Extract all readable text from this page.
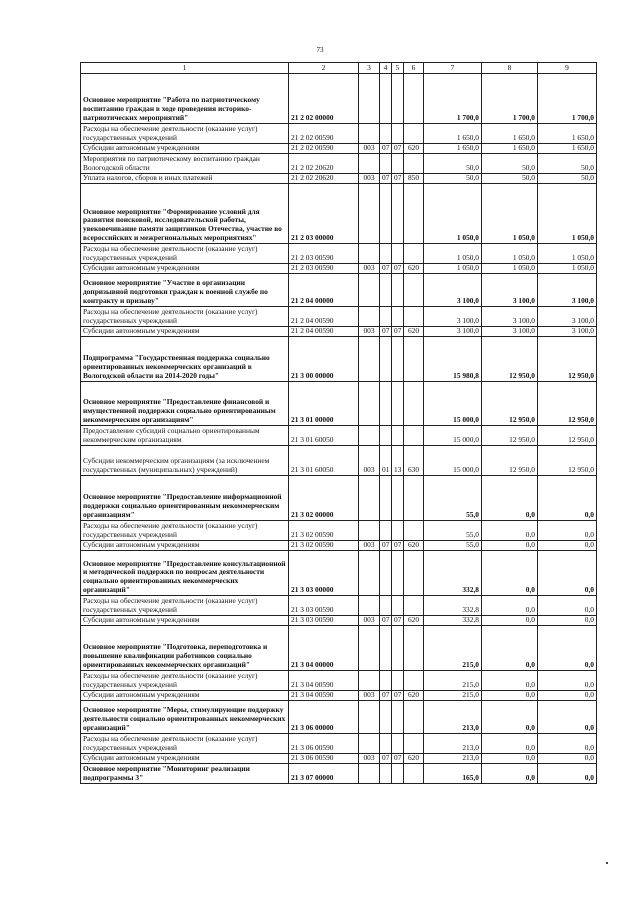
73
1	2	3	4	5	6	7	8	9
Основное мероприятие "Работа по патриотическому воспитанию граждан в ходе проведения историко-патриотических мероприятий"	21 2 02 00000					1 700,0	1 700,0	1 700,0
Расходы на обеспечение деятельности (оказание услуг) государственных учреждений	21 2 02 00590					1 650,0	1 650,0	1 650,0
Субсидии автономным учреждениям	21 2 02 00590	003	07	07	620	1 650,0	1 650,0	1 650,0
Мероприятия по патриотическому воспитанию граждан Вологодской области	21 2 02 20620					50,0	50,0	50,0
Уплата налогов, сборов и иных платежей	21 2 02 20620	003	07	07	850	50,0	50,0	50,0
Основное мероприятие "Формирование условий для развития поисковой, исследовательской работы, увековечивание памяти защитников Отечества, участие во всероссийских и межрегиональных мероприятиях"	21 2 03 00000					1 050,0	1 050,0	1 050,0
Расходы на обеспечение деятельности (оказание услуг) государственных учреждений	21 2 03 00590					1 050,0	1 050,0	1 050,0
Субсидии автономным учреждениям	21 2 03 00590	003	07	07	620	1 050,0	1 050,0	1 050,0
Основное мероприятие "Участие в организации допризывной подготовки граждан к военной службе по контракту и призыву"	21 2 04 00000					3 100,0	3 100,0	3 100,0
Расходы на обеспечение деятельности (оказание услуг) государственных учреждений	21 2 04 00590					3 100,0	3 100,0	3 100,0
Субсидии автономным учреждениям	21 2 04 00590	003	07	07	620	3 100,0	3 100,0	3 100,0
Подпрограмма "Государственная поддержка социально ориентированных некоммерческих организаций в Вологодской области на 2014-2020 годы"	21 3 00 00000					15 980,8	12 950,0	12 950,0
Основное мероприятие "Предоставление финансовой и имущественной поддержки социально ориентированным некоммерческим организациям"	21 3 01 00000					15 000,0	12 950,0	12 950,0
Предоставление субсидий социально ориентированным некоммерческим организациям	21 3 01 60050					15 000,0	12 950,0	12 950,0
Субсидии некоммерческим организациям (за исключением государственных (муниципальных) учреждений)	21 3 01 60050	003	01	13	630	15 000,0	12 950,0	12 950,0
Основное мероприятие "Предоставление информационной поддержки социально ориентированным некоммерческим организациям"	21 3 02 00000					55,0	0,0	0,0
Расходы на обеспечение деятельности (оказание услуг) государственных учреждений	21 3 02 00590					55,0	0,0	0,0
Субсидии автономным учреждениям	21 3 02 00590	003	07	07	620	55,0	0,0	0,0
Основное мероприятие "Предоставление консультационной и методической поддержки по вопросам деятельности социально ориентированных некоммерческих организаций"	21 3 03 00000					332,8	0,0	0,0
Расходы на обеспечение деятельности (оказание услуг) государственных учреждений	21 3 03 00590					332,8	0,0	0,0
Субсидии автономным учреждениям	21 3 03 00590	003	07	07	620	332,8	0,0	0,0
Основное мероприятие "Подготовка, переподготовка и повышение квалификации работников социально ориентированных некоммерческих организаций"	21 3 04 00000					215,0	0,0	0,0
Расходы на обеспечение деятельности (оказание услуг) государственных учреждений	21 3 04 00590					215,0	0,0	0,0
Субсидии автономным учреждениям	21 3 04 00590	003	07	07	620	215,0	0,0	0,0
Основное мероприятие "Меры, стимулирующие поддержку деятельности социально ориентированных некоммерческих организаций"	21 3 06 00000					213,0	0,0	0,0
Расходы на обеспечение деятельности (оказание услуг) государственных учреждений	21 3 06 00590					213,0	0,0	0,0
Субсидии автономным учреждениям	21 3 06 00590	003	07	07	620	213,0	0,0	0,0
Основное мероприятие "Мониторинг реализации подпрограммы 3"	21 3 07 00000					165,0	0,0	0,0
